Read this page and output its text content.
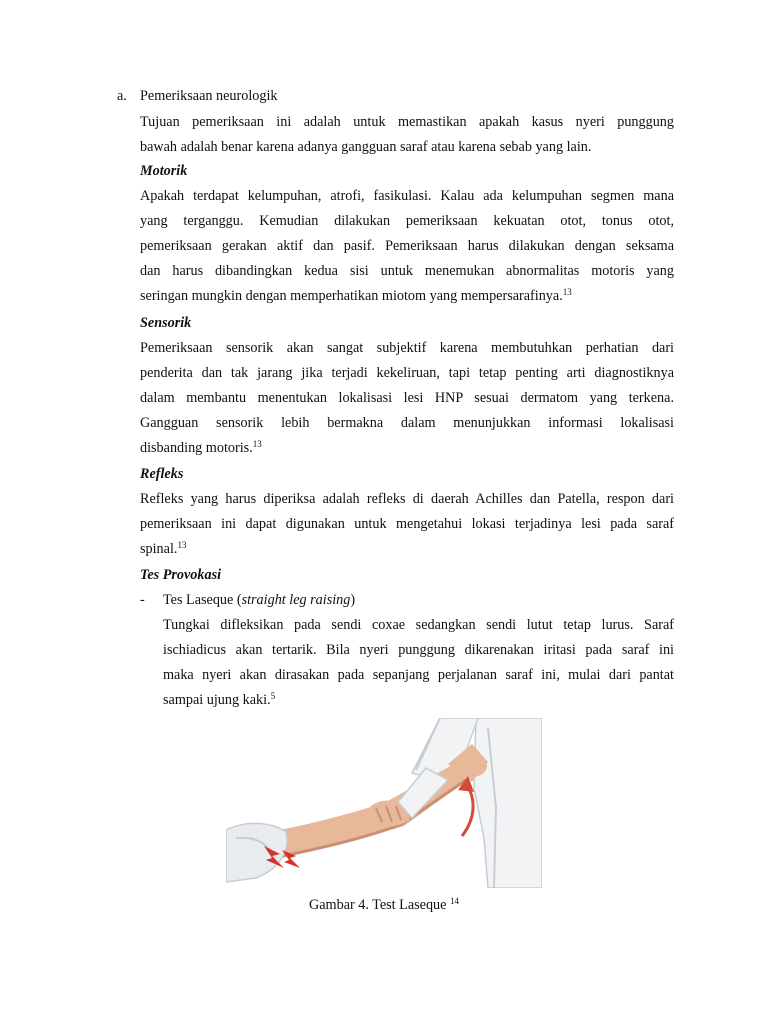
a. Pemeriksaan neurologik
Tujuan pemeriksaan ini adalah untuk memastikan apakah kasus nyeri punggung
bawah adalah benar karena adanya gangguan saraf atau karena sebab yang lain.
Motorik
Apakah terdapat kelumpuhan, atrofi, fasikulasi. Kalau ada kelumpuhan segmen mana
yang terganggu. Kemudian dilakukan pemeriksaan kekuatan otot, tonus otot,
pemeriksaan gerakan aktif dan pasif. Pemeriksaan harus dilakukan dengan seksama
dan harus dibandingkan kedua sisi untuk menemukan abnormalitas motoris yang
seringan mungkin dengan memperhatikan miotom yang mempersarafinya.$^{13}$
Sensorik
Pemeriksaan sensorik akan sangat subjektif karena membutuhkan perhatian dari
penderita dan tak jarang jika terjadi kekeliruan, tapi tetap penting arti diagnostiknya
dalam membantu menentukan lokalisasi lesi HNP sesuai dermatom yang terkena.
Gangguan sensorik lebih bermakna dalam menunjukkan informasi lokalisasi
disbanding motoris.$^{13}$
Refleks
Refleks yang harus diperiksa adalah refleks di daerah Achilles dan Patella, respon dari
pemeriksaan ini dapat digunakan untuk mengetahui lokasi terjadinya lesi pada saraf
spinal.$^{13}$
Tes Provokasi
- Tes Laseque (straight leg raising)
Tungkai difleksikan pada sendi coxae sedangkan sendi lutut tetap lurus. Saraf
ischiadicus akan tertarik. Bila nyeri punggung dikarenakan iritasi pada saraf ini
maka nyeri akan dirasakan pada sepanjang perjalanan saraf ini, mulai dari pantat
sampai ujung kaki.$^5$
Gambar 4. Test Laseque $^{14}$
